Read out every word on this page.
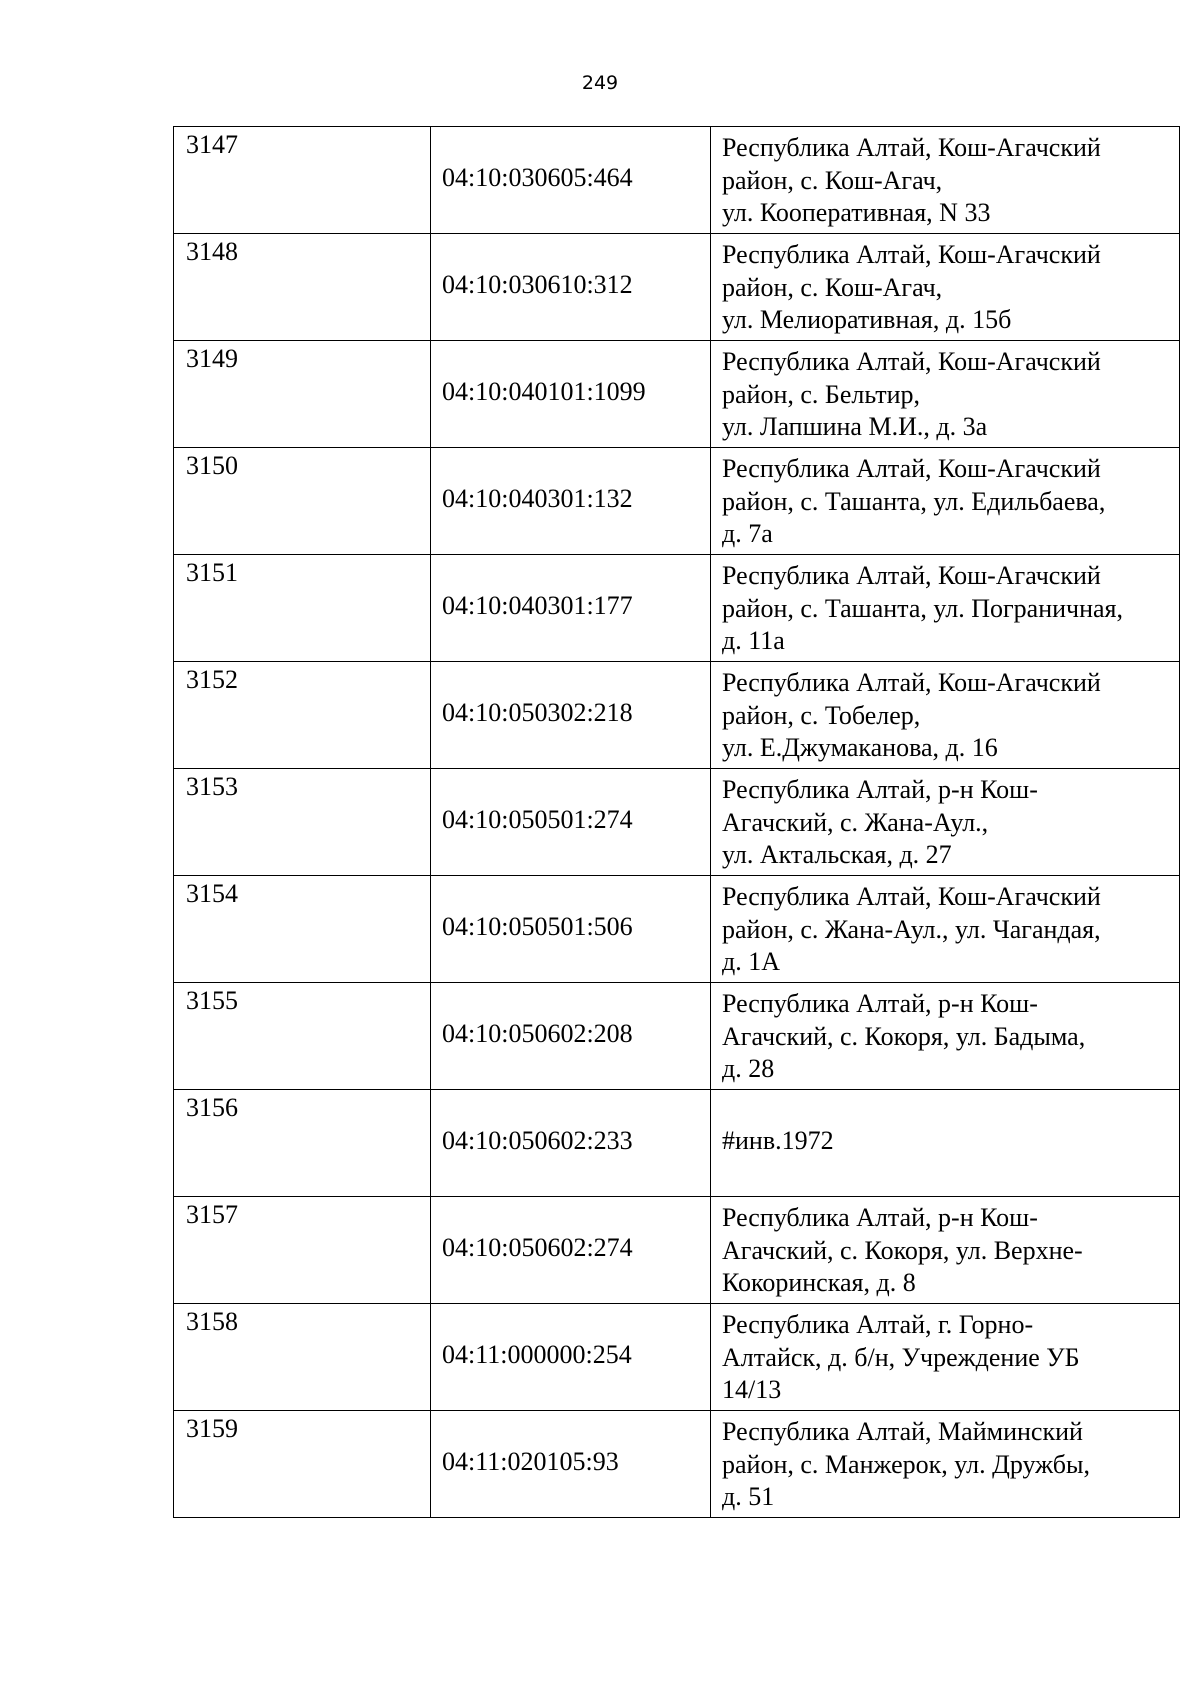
249
3147	04:10:030605:464	Республика Алтай, Кош-Агачский
район, с. Кош-Агач,
ул. Кооперативная, N 33

3148	04:10:030610:312	Республика Алтай, Кош-Агачский
район, с. Кош-Агач,
ул. Мелиоративная, д. 15б

3149	04:10:040101:1099	Республика Алтай, Кош-Агачский
район, с. Бельтир,
ул. Лапшина М.И., д. 3а

3150	04:10:040301:132	Республика Алтай, Кош-Агачский
район, с. Ташанта, ул. Едильбаева,
д. 7а

3151	04:10:040301:177	Республика Алтай, Кош-Агачский
район, с. Ташанта, ул. Пограничная,
д. 11а

3152	04:10:050302:218	Республика Алтай, Кош-Агачский
район, с. Тобелер,
ул. Е.Джумаканова, д. 16

3153	04:10:050501:274	Республика Алтай, р-н Кош-
Агачский, с. Жана-Аул.,
ул. Актальская, д. 27

3154	04:10:050501:506	Республика Алтай, Кош-Агачский
район, с. Жана-Аул., ул. Чагандая,
д. 1А

3155	04:10:050602:208	Республика Алтай, р-н Кош-
Агачский, с. Кокоря, ул. Бадыма,
д. 28

3156	04:10:050602:233	#инв.1972

3157	04:10:050602:274	Республика Алтай, р-н Кош-
Агачский, с. Кокоря, ул. Верхне-
Кокоринская, д. 8

3158	04:11:000000:254	Республика Алтай, г. Горно-
Алтайск, д. б/н, Учреждение УБ
14/13

3159	04:11:020105:93	Республика Алтай, Майминский
район, с. Манжерок, ул. Дружбы,
д. 51
